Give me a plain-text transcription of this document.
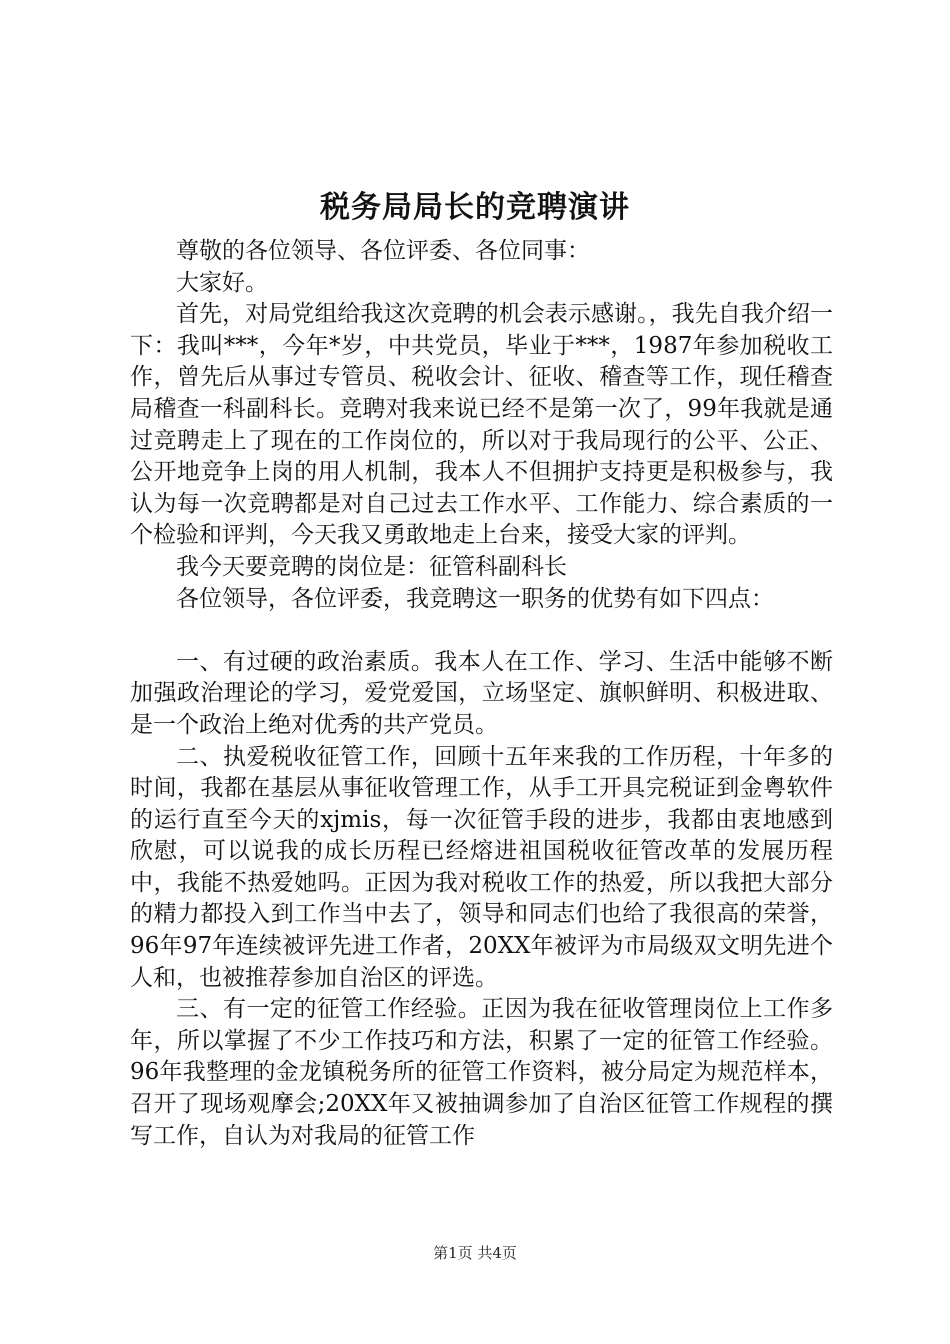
税务局局长的竞聘演讲

尊敬的各位领导、各位评委、各位同事：

大家好。

首先，对局党组给我这次竞聘的机会表示感谢。，我先自我介绍一下：我叫***，今年*岁，中共党员，毕业于***，1987年参加税收工作，曾先后从事过专管员、税收会计、征收、稽查等工作，现任稽查局稽查一科副科长。竞聘对我来说已经不是第一次了，99年我就是通过竞聘走上了现在的工作岗位的，所以对于我局现行的公平、公正、公开地竞争上岗的用人机制，我本人不但拥护支持更是积极参与，我认为每一次竞聘都是对自己过去工作水平、工作能力、综合素质的一个检验和评判，今天我又勇敢地走上台来，接受大家的评判。

我今天要竞聘的岗位是：征管科副科长

各位领导，各位评委，我竞聘这一职务的优势有如下四点：

一、有过硬的政治素质。我本人在工作、学习、生活中能够不断加强政治理论的学习，爱党爱国，立场坚定、旗帜鲜明、积极进取、是一个政治上绝对优秀的共产党员。

二、执爱税收征管工作，回顾十五年来我的工作历程，十年多的时间，我都在基层从事征收管理工作，从手工开具完税证到金粤软件的运行直至今天的xjmis，每一次征管手段的进步，我都由衷地感到欣慰，可以说我的成长历程已经熔进祖国税收征管改革的发展历程中，我能不热爱她吗。正因为我对税收工作的热爱，所以我把大部分的精力都投入到工作当中去了，领导和同志们也给了我很高的荣誉，96年97年连续被评先进工作者，20XX年被评为市局级双文明先进个人和，也被推荐参加自治区的评选。

三、有一定的征管工作经验。正因为我在征收管理岗位上工作多年，所以掌握了不少工作技巧和方法，积累了一定的征管工作经验。96年我整理的金龙镇税务所的征管工作资料，被分局定为规范样本，召开了现场观摩会;20XX年又被抽调参加了自治区征管工作规程的撰写工作，自认为对我局的征管工作

第1页 共4页
